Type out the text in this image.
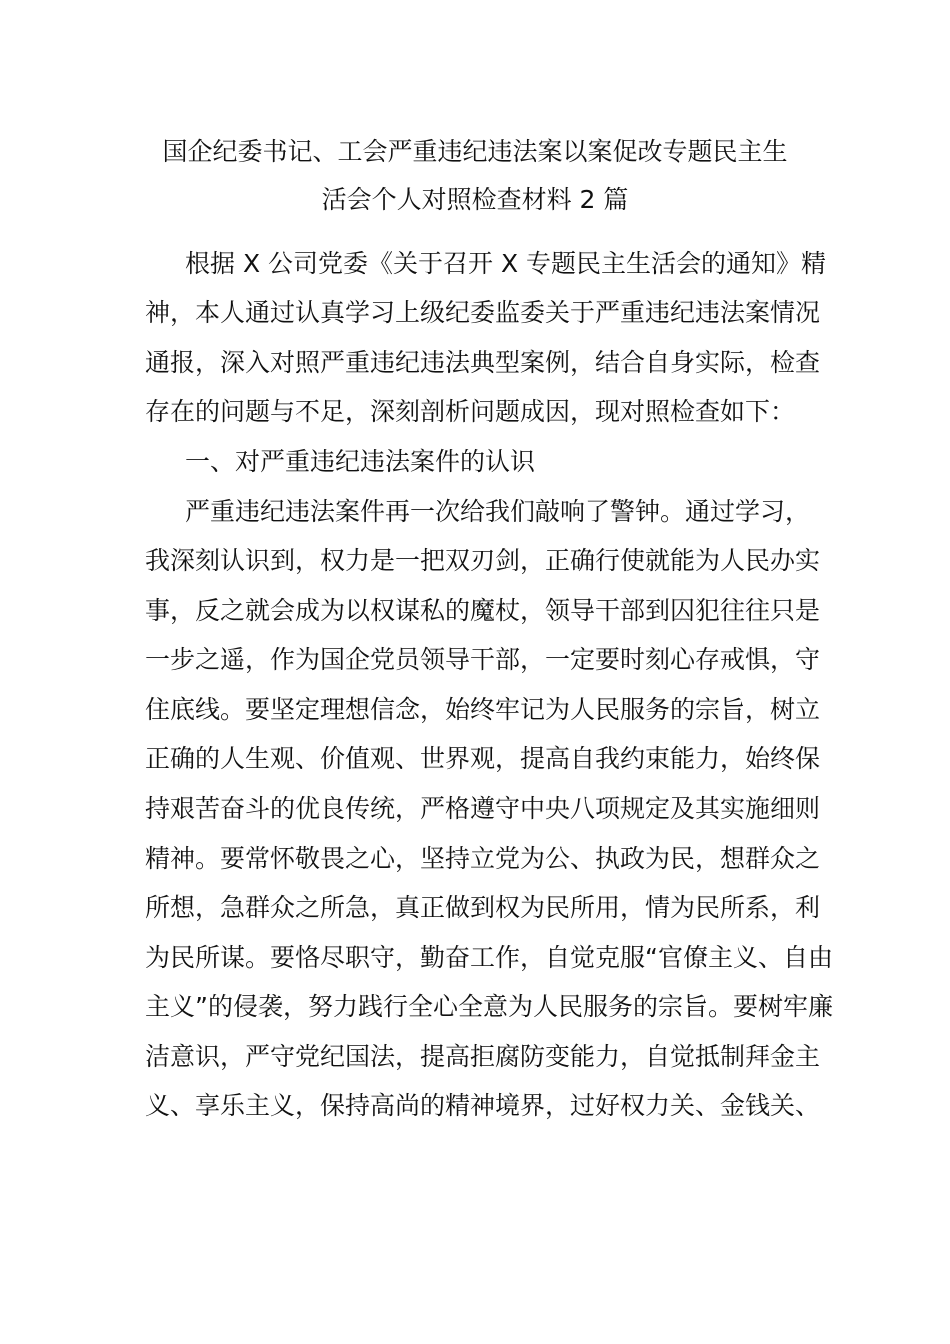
国企纪委书记、工会严重违纪违法案以案促改专题民主生
活会个人对照检查材料 2 篇
根据 X 公司党委《关于召开 X 专题民主生活会的通知》精
神，本人通过认真学习上级纪委监委关于严重违纪违法案情况
通报，深入对照严重违纪违法典型案例，结合自身实际，检查
存在的问题与不足，深刻剖析问题成因，现对照检查如下：
一、对严重违纪违法案件的认识
严重违纪违法案件再一次给我们敲响了警钟。通过学习，
我深刻认识到，权力是一把双刃剑，正确行使就能为人民办实
事，反之就会成为以权谋私的魔杖，领导干部到囚犯往往只是
一步之遥，作为国企党员领导干部，一定要时刻心存戒惧，守
住底线。要坚定理想信念，始终牢记为人民服务的宗旨，树立
正确的人生观、价值观、世界观，提高自我约束能力，始终保
持艰苦奋斗的优良传统，严格遵守中央八项规定及其实施细则
精神。要常怀敬畏之心，坚持立党为公、执政为民，想群众之
所想，急群众之所急，真正做到权为民所用，情为民所系，利
为民所谋。要恪尽职守，勤奋工作，自觉克服“官僚主义、自由
主义”的侵袭，努力践行全心全意为人民服务的宗旨。要树牢廉
洁意识，严守党纪国法，提高拒腐防变能力，自觉抵制拜金主
义、享乐主义，保持高尚的精神境界，过好权力关、金钱关、
